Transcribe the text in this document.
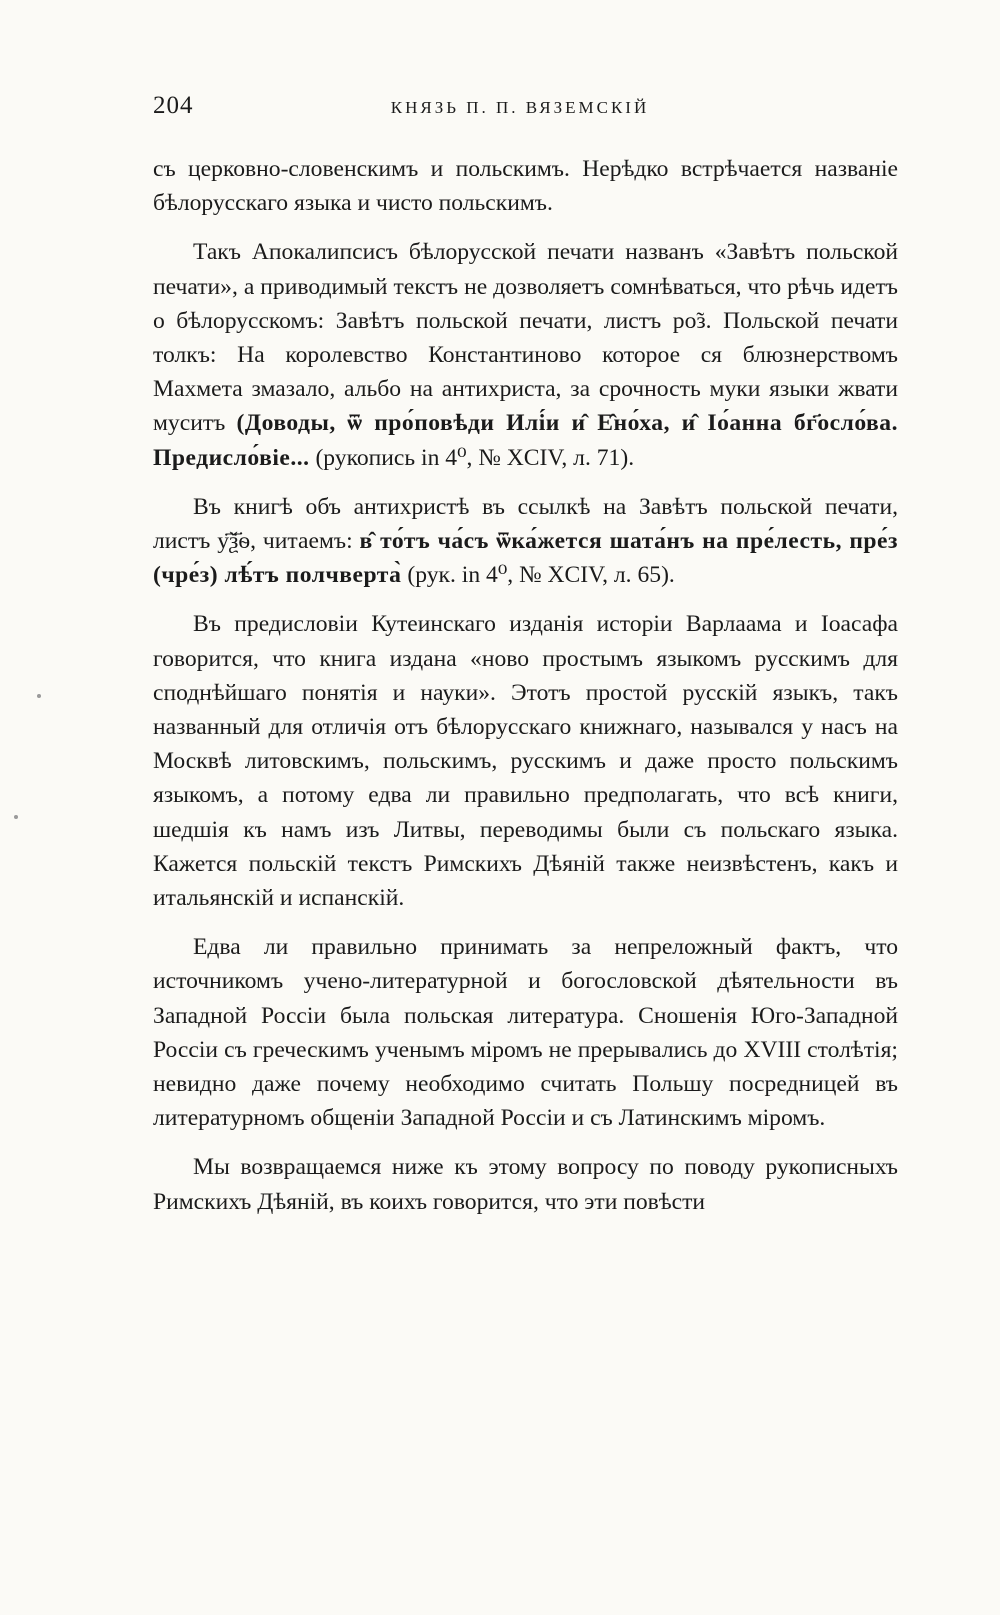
204	КНЯЗЬ П. П. ВЯЗЕМСКІЙ

съ церковно-словенскимъ и польскимъ. Нерѣдко встрѣчается названіе бѣлорусскаго языка и чисто польскимъ.

Такъ Апокалипсисъ бѣлорусской печати названъ «Завѣтъ польской печати», а приводимый текстъ не дозволяетъ сомнѣваться, что рѣчь идетъ о бѣлорусскомъ: Завѣтъ польской печати, листъ ро̃з. Польской печати толкъ: На королевство Константиново которое ся блюзнерствомъ Махмета змазало, альбо на антихриста, за срочность муки языки жвати муситъ (Доводы, ѿ про́повѣди Илі́и и̂ Е̂но́ха, и̂ Іо́анна бг҃осло́ва. Предисло́віе... (рукопись in 4⁰, № XCIV, л. 71).

Въ книгѣ объ антихристѣ въ ссылкѣ на Завѣтъ польской печати, листъ у҃ѯ҃ѳ, читаемъ: в̂ то́тъ ча́съ ѿка́жется шата́нъ на пре́лесть, пре́з (чре́з) лѣ́тъ полчверта̀ (рук. in 4⁰, № XCIV, л. 65).

Въ предисловіи Кутеинскаго изданія исторіи Варлаама и Іоасафа говорится, что книга издана «ново простымъ языкомъ русскимъ для споднѣйшаго понятія и науки». Этотъ простой русскій языкъ, такъ названный для отличія отъ бѣлорусскаго книжнаго, назывался у насъ на Москвѣ литовскимъ, польскимъ, русскимъ и даже просто польскимъ языкомъ, а потому едва ли правильно предполагать, что всѣ книги, шедшія къ намъ изъ Литвы, переводимы были съ польскаго языка. Кажется польскій текстъ Римскихъ Дѣяній также неизвѣстенъ, какъ и итальянскій и испанскій.

Едва ли правильно принимать за непреложный фактъ, что источникомъ учено-литературной и богословской дѣятельности въ Западной Россіи была польская литература. Сношенія Юго-Западной Россіи съ греческимъ ученымъ міромъ не прерывались до XVIII столѣтія; невидно даже почему необходимо считать Польшу посредницей въ литературномъ общеніи Западной Россіи и съ Латинскимъ міромъ.

Мы возвращаемся ниже къ этому вопросу по поводу рукописныхъ Римскихъ Дѣяній, въ коихъ говорится, что эти повѣсти
